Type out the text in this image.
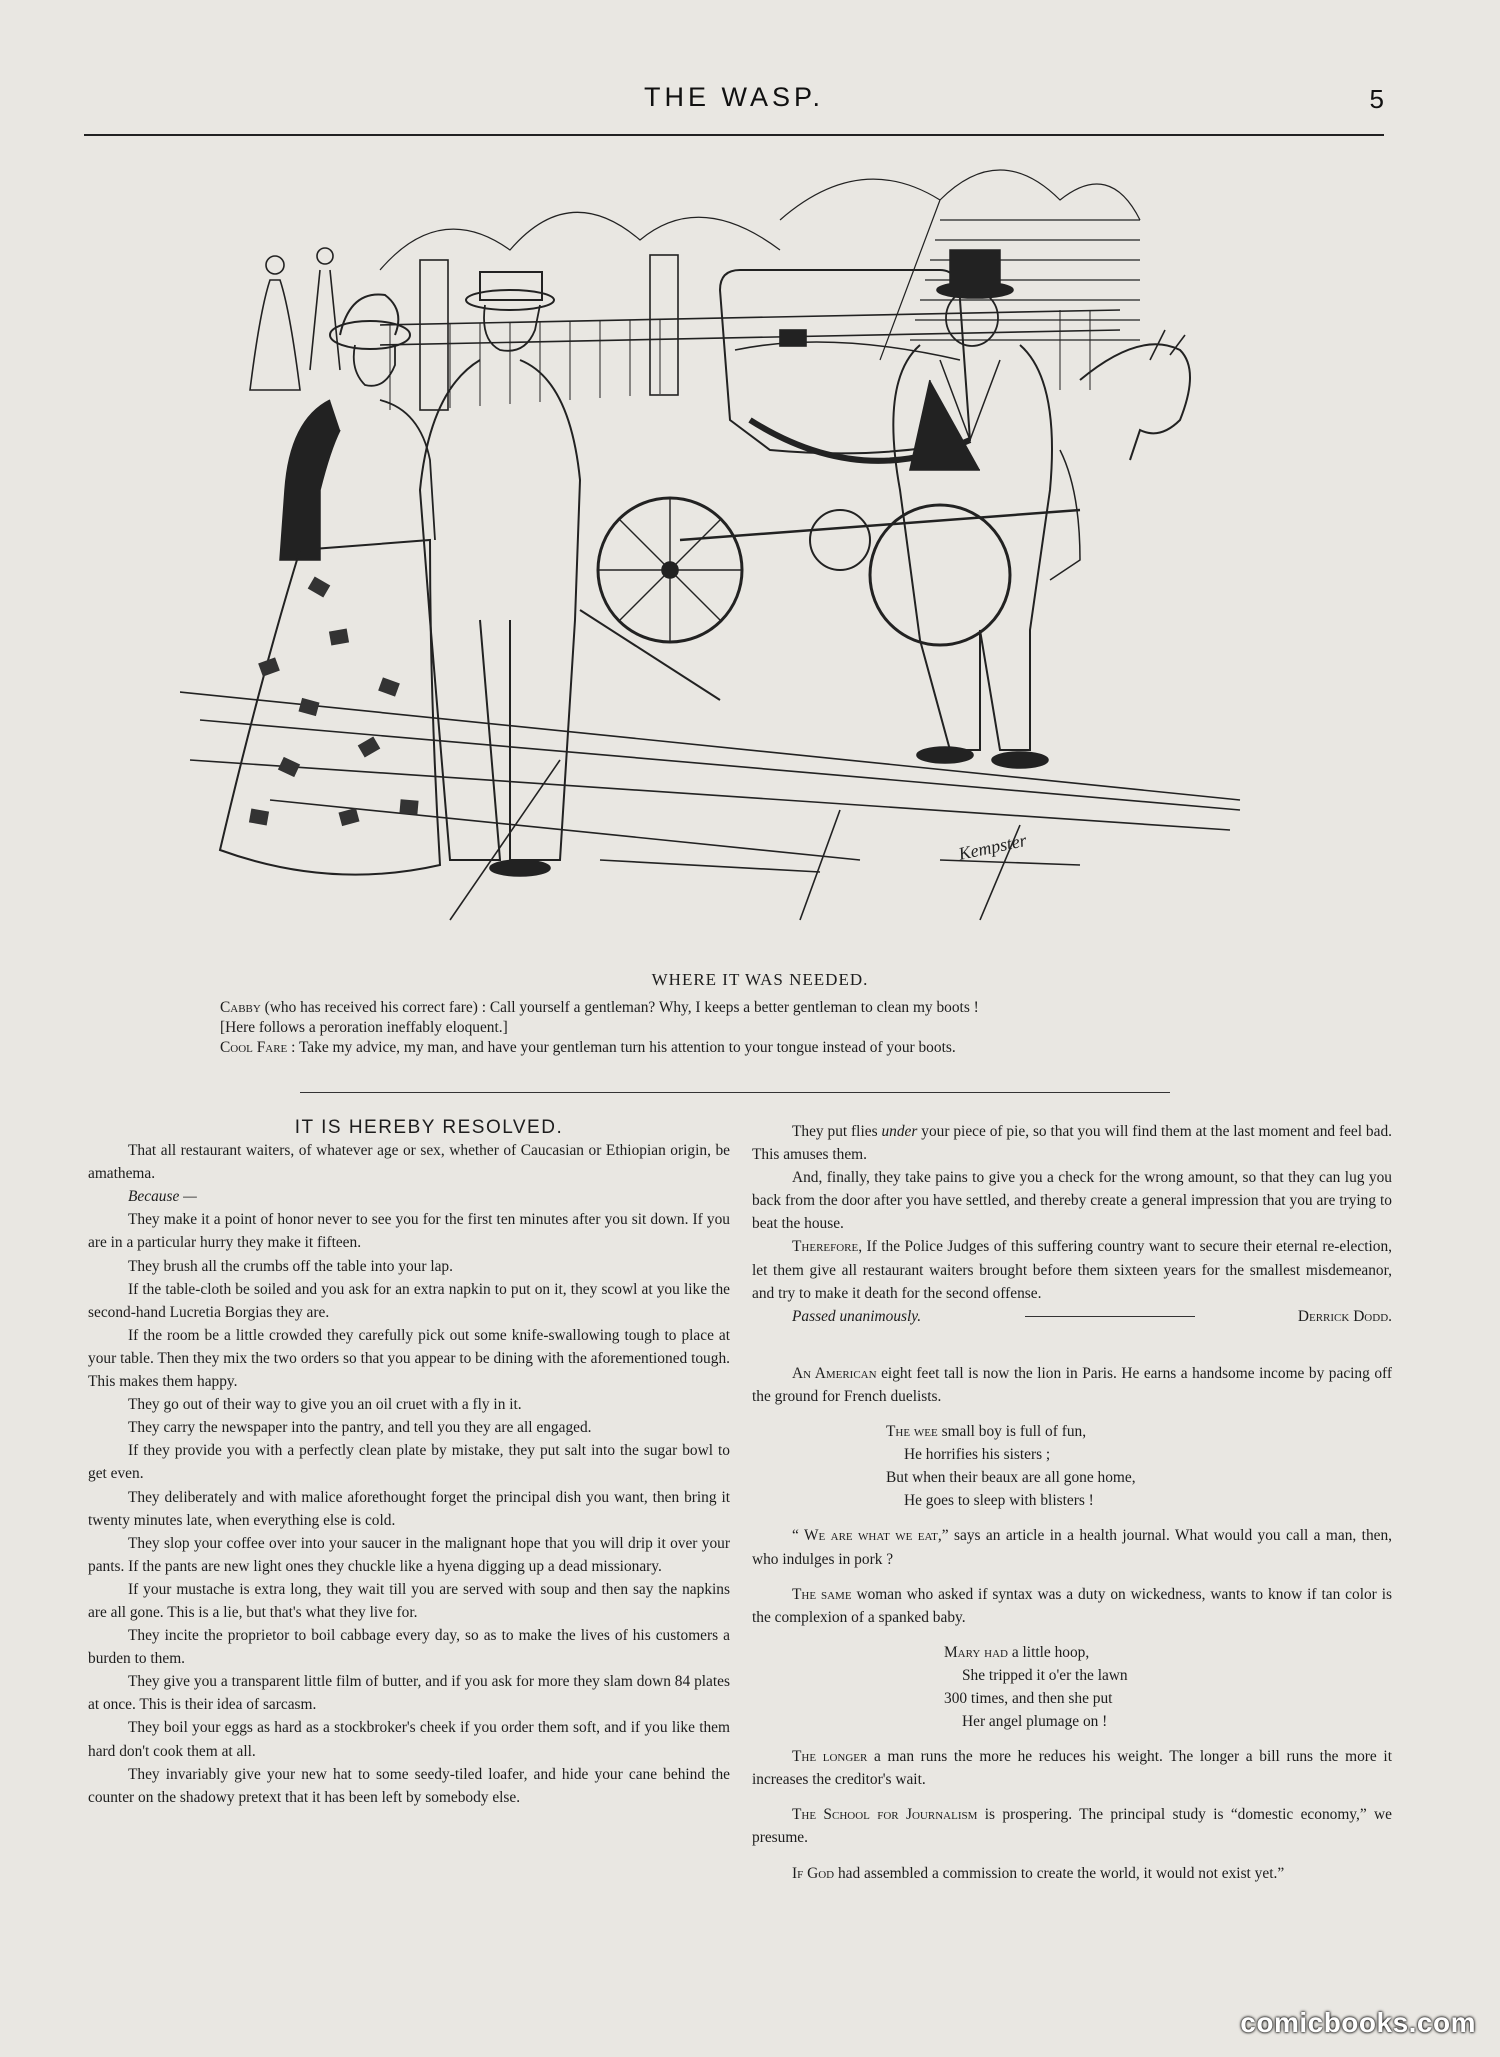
THE WASP.	5
Kempster

WHERE IT WAS NEEDED.

Cabby (who has received his correct fare) : Call yourself a gentleman? Why, I keeps a better gentleman to clean my boots !

[Here follows a peroration ineffably eloquent.]

Cool Fare : Take my advice, my man, and have your gentleman turn his attention to your tongue instead of your boots.

IT IS HEREBY RESOLVED.

That all restaurant waiters, of whatever age or sex, whether of Caucasian or Ethiopian origin, be amathema.

Because —

They make it a point of honor never to see you for the first ten minutes after you sit down. If you are in a particular hurry they make it fifteen.

They brush all the crumbs off the table into your lap.

If the table-cloth be soiled and you ask for an extra napkin to put on it, they scowl at you like the second-hand Lucretia Borgias they are.

If the room be a little crowded they carefully pick out some knife-swallowing tough to place at your table. Then they mix the two orders so that you appear to be dining with the aforementioned tough. This makes them happy.

They go out of their way to give you an oil cruet with a fly in it.

They carry the newspaper into the pantry, and tell you they are all engaged.

If they provide you with a perfectly clean plate by mistake, they put salt into the sugar bowl to get even.

They deliberately and with malice aforethought forget the principal dish you want, then bring it twenty minutes late, when everything else is cold.

They slop your coffee over into your saucer in the malignant hope that you will drip it over your pants. If the pants are new light ones they chuckle like a hyena digging up a dead missionary.

If your mustache is extra long, they wait till you are served with soup and then say the napkins are all gone. This is a lie, but that's what they live for.

They incite the proprietor to boil cabbage every day, so as to make the lives of his customers a burden to them.

They give you a transparent little film of butter, and if you ask for more they slam down 84 plates at once. This is their idea of sarcasm.

They boil your eggs as hard as a stockbroker's cheek if you order them soft, and if you like them hard don't cook them at all.

They invariably give your new hat to some seedy-tiled loafer, and hide your cane behind the counter on the shadowy pretext that it has been left by somebody else.

They put flies under your piece of pie, so that you will find them at the last moment and feel bad. This amuses them.

And, finally, they take pains to give you a check for the wrong amount, so that they can lug you back from the door after you have settled, and thereby create a general impression that you are trying to beat the house.

Therefore, If the Police Judges of this suffering country want to secure their eternal re-election, let them give all restaurant waiters brought before them sixteen years for the smallest misdemeanor, and try to make it death for the second offense.

Passed unanimously.	Derrick Dodd.

An American eight feet tall is now the lion in Paris. He earns a handsome income by pacing off the ground for French duelists.

The wee small boy is full of fun,
He horrifies his sisters ;
But when their beaux are all gone home,
He goes to sleep with blisters !

“ We are what we eat,” says an article in a health journal. What would you call a man, then, who indulges in pork ?

The same woman who asked if syntax was a duty on wickedness, wants to know if tan color is the complexion of a spanked baby.

Mary had a little hoop,
She tripped it o'er the lawn
300 times, and then she put
Her angel plumage on !

The longer a man runs the more he reduces his weight. The longer a bill runs the more it increases the creditor's wait.

The School for Journalism is prospering. The principal study is “domestic economy,” we presume.

If God had assembled a commission to create the world, it would not exist yet.”

comicbooks.com
